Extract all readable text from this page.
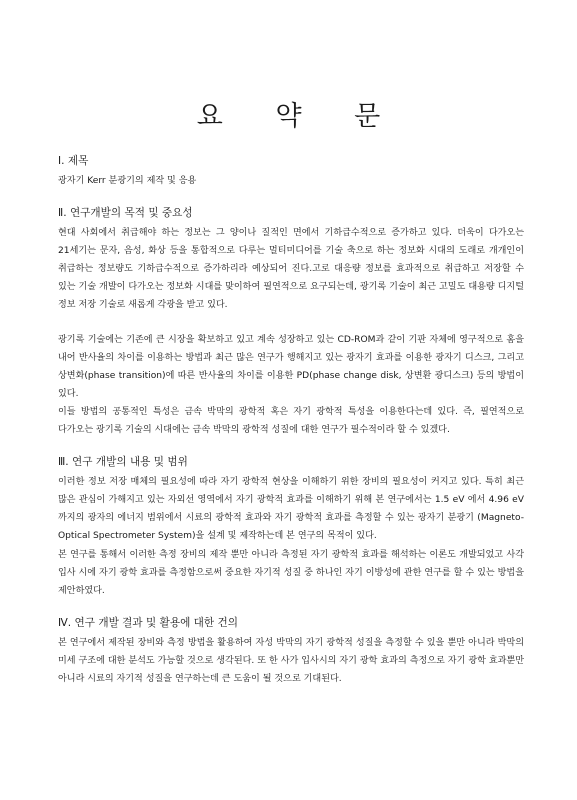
요 약 문
Ⅰ. 제목

광자기 Kerr 분광기의 제작 및 응용

Ⅱ. 연구개발의 목적 및 중요성

현대 사회에서 취급해야 하는 정보는 그 양이나 질적인 면에서 기하급수적으로 증가하고 있다. 더욱이 다가오는 21세기는 문자, 음성, 화상 등을 통합적으로 다루는 멀티미디어를 기술 축으로 하는 정보화 시대의 도래로 개개인이 취급하는 정보량도 기하급수적으로 증가하리라 예상되어 진다.고로 대응량 정보를 효과적으로 취급하고 저장할 수 있는 기술 개발이 다가오는 정보화 시대를 맞이하여 필연적으로 요구되는데, 광기록 기술이 최근 고밀도 대용량 디지털 정보 저장 기술로 새롭게 각광을 받고 있다.

광기록 기술에는 기존에 큰 시장을 확보하고 있고 계속 성장하고 있는 CD-ROM과 같이 기판 자체에 영구적으로 홈을 내어 반사율의 차이를 이용하는 방법과 최근 많은 연구가 행해지고 있는 광자기 효과를 이용한 광자기 디스크, 그리고 상변화(phase transition)에 따른 반사율의 차이를 이용한 PD(phase change disk, 상변환 광디스크) 등의 방법이 있다.

이들 방법의 공통적인 특성은 금속 박막의 광학적 혹은 자기 광학적 특성을 이용한다는데 있다. 즉, 필연적으로 다가오는 광기록 기술의 시대에는 금속 박막의 광학적 성질에 대한 연구가 필수적이라 할 수 있겠다.

Ⅲ. 연구 개발의 내용 및 범위

이러한 정보 저장 매체의 필요성에 따라 자기 광학적 현상을 이해하기 위한 장비의 필요성이 커지고 있다. 특히 최근 많은 관심이 가해지고 있는 자외선 영역에서 자기 광학적 효과를 이해하기 위해 본 연구에서는 1.5 eV 에서 4.96 eV 까지의 광자의 에너지 범위에서 시료의 광학적 효과와 자기 광학적 효과를 측정할 수 있는 광자기 분광기 (Magneto-Optical Spectrometer System)을 설계 및 제작하는데 본 연구의 목적이 있다.

본 연구를 통해서 이러한 측정 장비의 제작 뿐만 아니라 측정된 자기 광학적 효과를 해석하는 이론도 개발되었고 사각 입사 시에 자기 광학 효과를 측정함으로써 중요한 자기적 성질 중 하나인 자기 이방성에 관한 연구를 할 수 있는 방법을 제안하였다.

Ⅳ. 연구 개발 결과 및 활용에 대한 건의

본 연구에서 제작된 장비와 측정 방법을 활용하여 자성 박막의 자기 광학적 성질을 측정할 수 있을 뿐만 아니라 박막의 미세 구조에 대한 분석도 가능할 것으로 생각된다. 또 한 사가 입사시의 자기 광학 효과의 측정으로 자기 광학 효과뿐만 아니라 시료의 자기적 성질을 연구하는데 큰 도움이 될 것으로 기대된다.
